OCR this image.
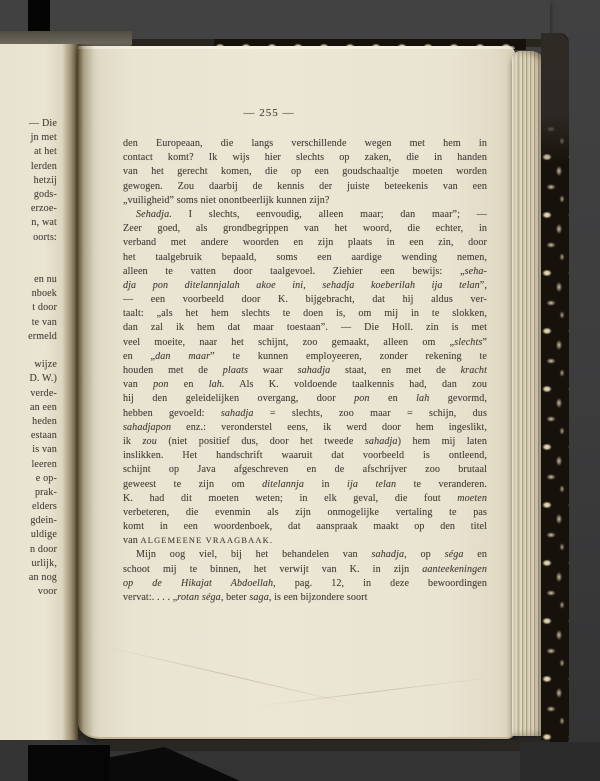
— Die
jn met
at het
lerden
hetzij
gods-
erzoe-
n, wat
oorts:

en nu
nboek
t door
te van
ermeld

wijze
D. W.)
verde-
an een
heden
estaan
is van
leeren
e op-
prak-
elders
gdein-
uldige
n door
urlijk,
an nog
voor
— 255 —
den Europeaan, die langs verschillende wegen met hem in
contact komt? Ik wijs hier slechts op zaken, die in handen
van het gerecht komen, die op een goudschaaltje moeten worden
gewogen. Zou daarbij de kennis der juiste beteekenis van een
„vuiligheid” soms niet onontbeerlijk kunnen zijn?
Sehadja. I slechts, eenvoudig, alleen maar; dan maar”; —
Zeer goed, als grondbegrippen van het woord, die echter, in
verband met andere woorden en zijn plaats in een zin, door
het taalgebruik bepaald, soms een aardige wending nemen,
alleen te vatten door taalgevoel. Ziehier een bewijs: „seha-
dja pon ditelannjalah akoe ini, sehadja koeberilah ija telan”,
— een voorbeeld door K. bijgebracht, dat hij aldus ver-
taalt: „als het hem slechts te doen is, om mij in te slokken,
dan zal ik hem dat maar toestaan”. — Die Holl. zin is met
veel moeite, naar het schijnt, zoo gemaakt, alleen om „slechts”
en „dan maar” te kunnen employeeren, zonder rekening te
houden met de plaats waar sahadja staat, en met de kracht
van pon en lah. Als K. voldoende taalkennis had, dan zou
hij den geleidelijken overgang, door pon en lah gevormd,
hebben gevoeld: sahadja = slechts, zoo maar = schijn, dus
sahadjapon enz.: veronderstel eens, ik werd door hem ingeslikt,
ik zou (niet positief dus, door het tweede sahadja) hem mij laten
inslikken. Het handschrift waaruit dat voorbeeld is ontleend,
schijnt op Java afgeschreven en de afschrijver zoo brutaal
geweest te zijn om ditelannja in ija telan te veranderen.
K. had dit moeten weten; in elk geval, die fout moeten
verbeteren, die evenmin als zijn onmogelijke vertaling te pas
komt in een woordenboek, dat aanspraak maakt op den titel
van ALGEMEENE VRAAGBAAK.
Mijn oog viel, bij het behandelen van sahadja, op séga en
schoot mij te binnen, het verwijt van K. in zijn aanteekeningen
op de Hikajat Abdoellah, pag. 12, in deze bewoordingen
vervat:. . . . „rotan séga, beter saga, is een bijzondere soort
